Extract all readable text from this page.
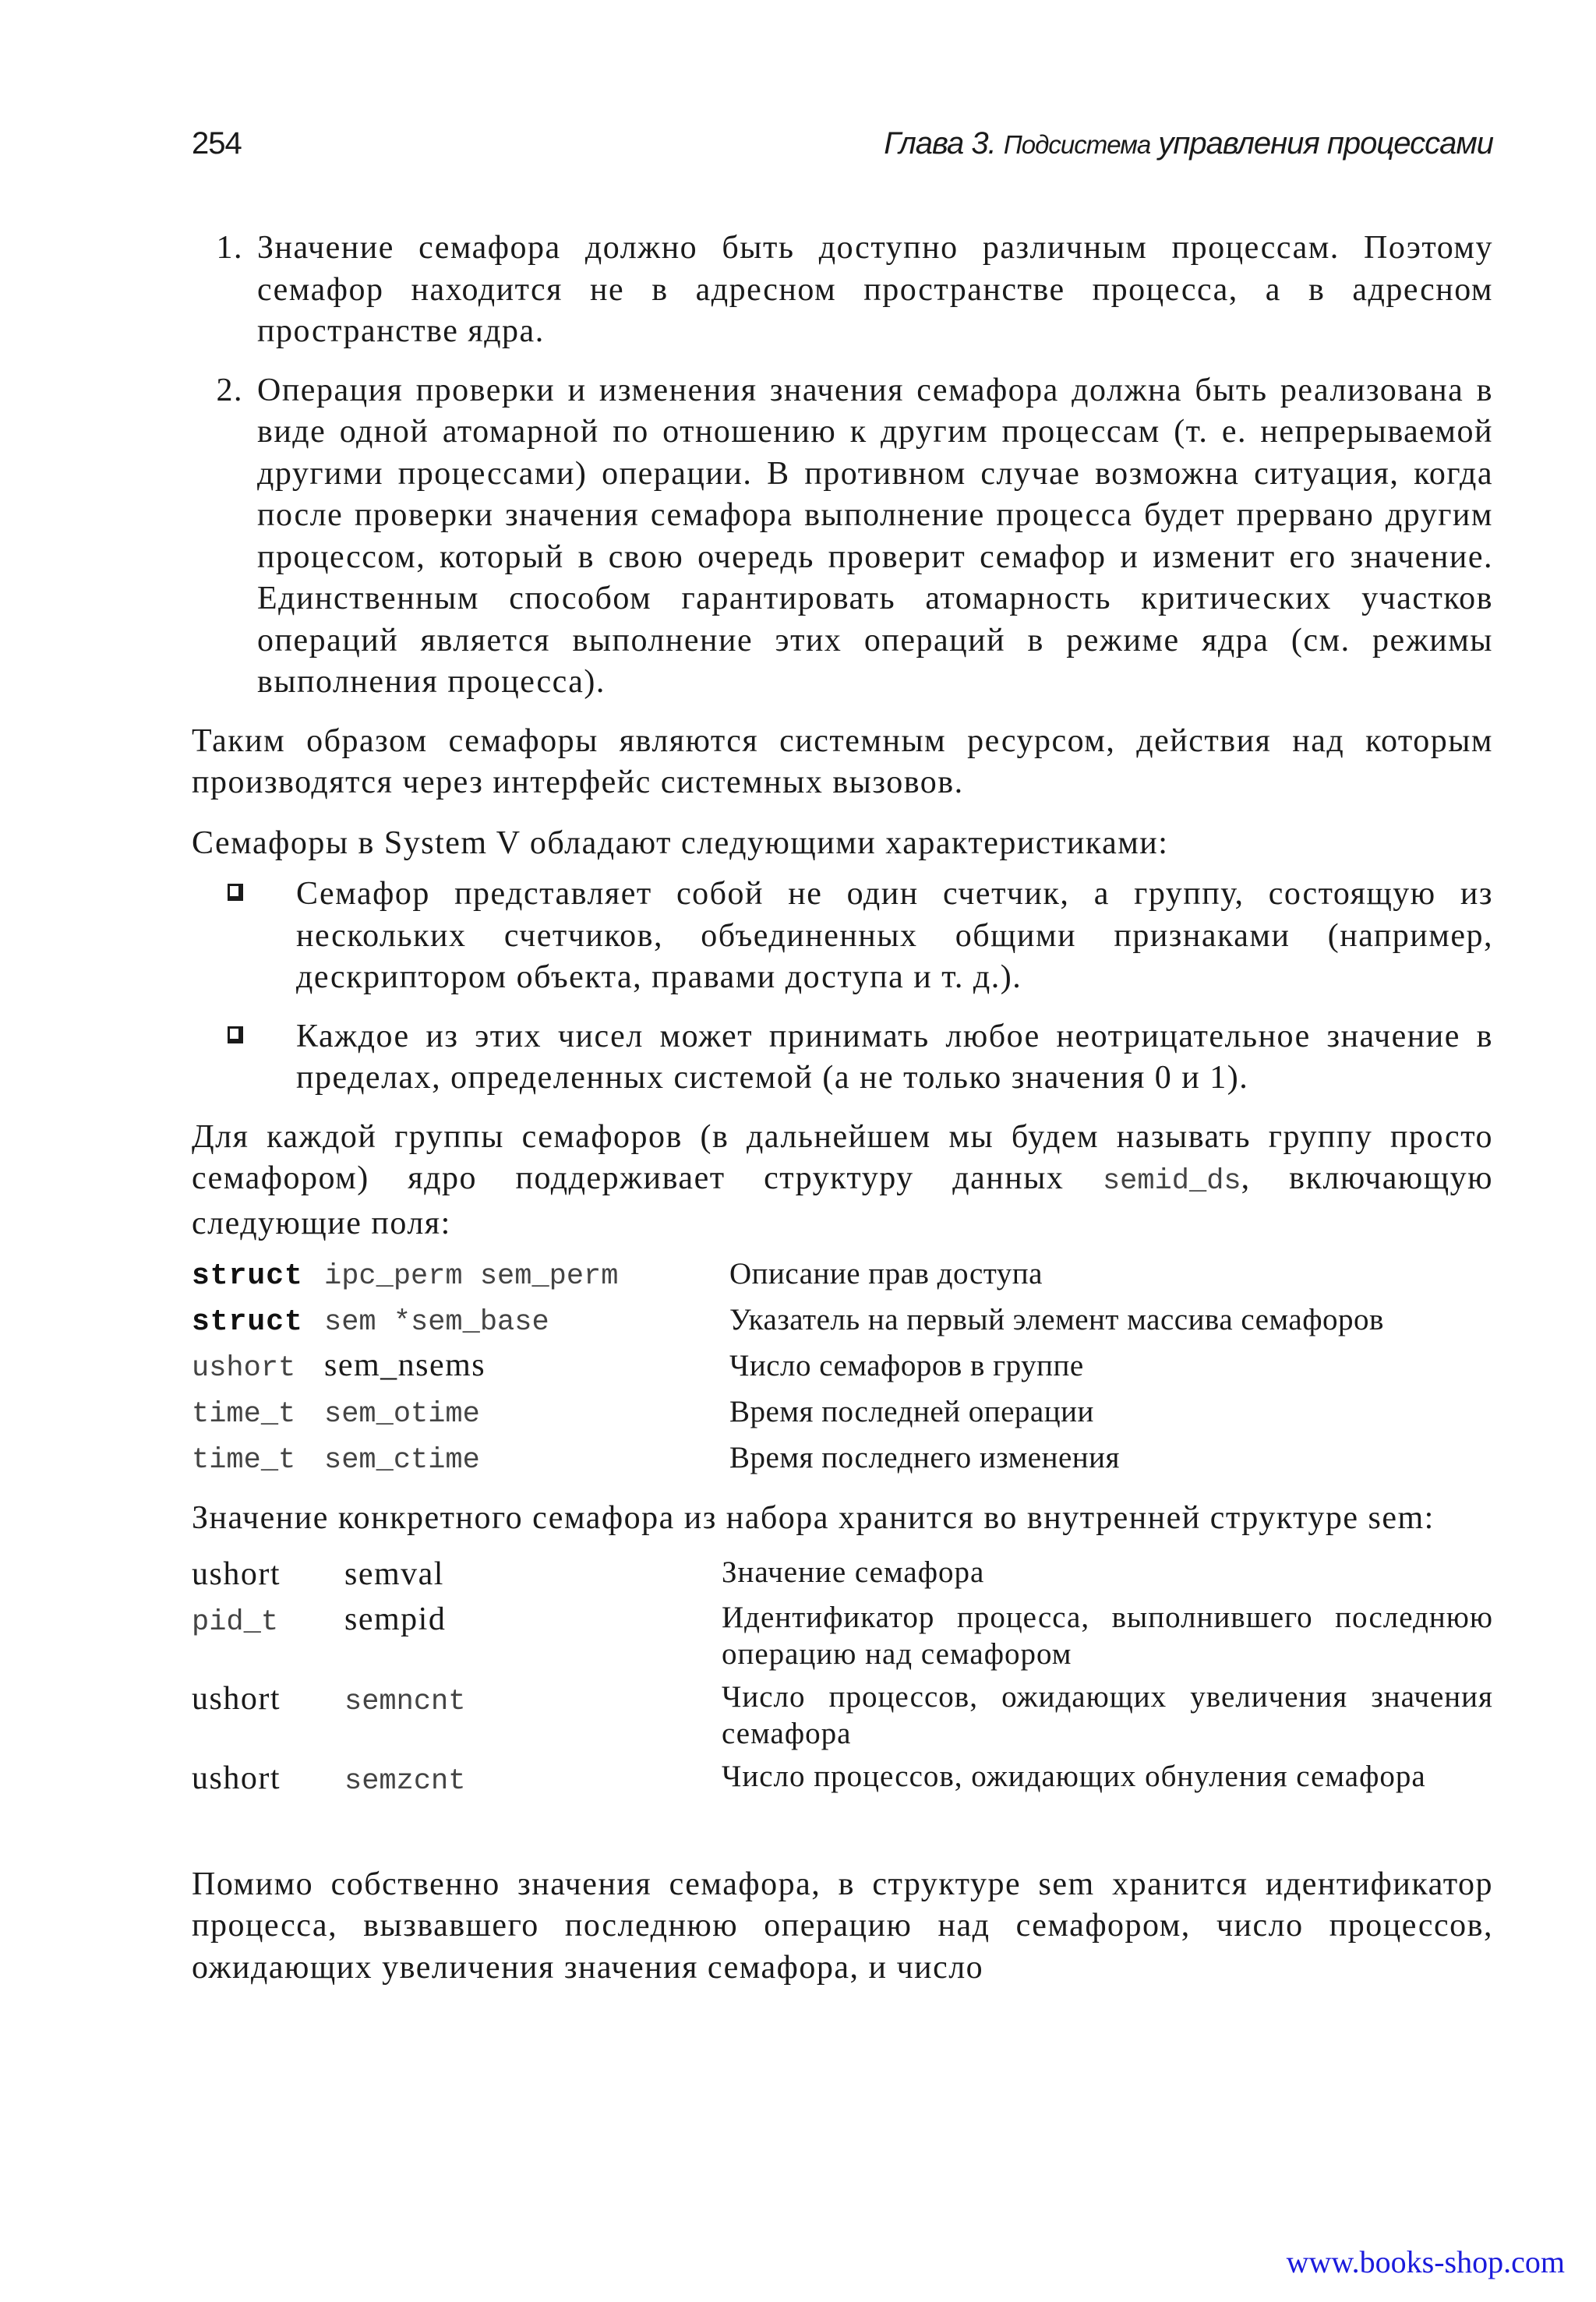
254	Глава 3. Подсистема управления процессами
1. Значение семафора должно быть доступно различным процессам. Поэтому семафор находится не в адресном пространстве процесса, а в адресном пространстве ядра.
2. Операция проверки и изменения значения семафора должна быть реализована в виде одной атомарной по отношению к другим процессам (т. е. непрерываемой другими процессами) операции. В противном случае возможна ситуация, когда после проверки значения семафора выполнение процесса будет прервано другим процессом, который в свою очередь проверит семафор и изменит его значение. Единственным способом гарантировать атомарность критических участков операций является выполнение этих операций в режиме ядра (см. режимы выполнения процесса).

Таким образом семафоры являются системным ресурсом, действия над которым производятся через интерфейс системных вызовов.

Семафоры в System V обладают следующими характеристиками:

Семафор представляет собой не один счетчик, а группу, состоящую из нескольких счетчиков, объединенных общими признаками (например, дескриптором объекта, правами доступа и т. д.).
Каждое из этих чисел может принимать любое неотрицательное значение в пределах, определенных системой (а не только значения 0 и 1).

Для каждой группы семафоров (в дальнейшем мы будем называть группу просто семафором) ядро поддерживает структуру данных semid_ds, включающую следующие поля:

struct	ipc_perm sem_perm	Описание прав доступа
struct	sem *sem_base	Указатель на первый элемент массива семафоров
ushort	sem_nsems	Число семафоров в группе
time_t	sem_otime	Время последней операции
time_t	sem_ctime	Время последнего изменения

Значение конкретного семафора из набора хранится во внутренней структуре sem:

ushort	semval	Значение семафора
pid_t	sempid	Идентификатор процесса, выполнившего последнюю операцию над семафором
ushort	semncnt	Число процессов, ожидающих увеличения значения семафора
ushort	semzcnt	Число процессов, ожидающих обнуления семафора

Помимо собственно значения семафора, в структуре sem хранится идентификатор процесса, вызвавшего последнюю операцию над семафором, число процессов, ожидающих увеличения значения семафора, и число

www.books-shop.com
